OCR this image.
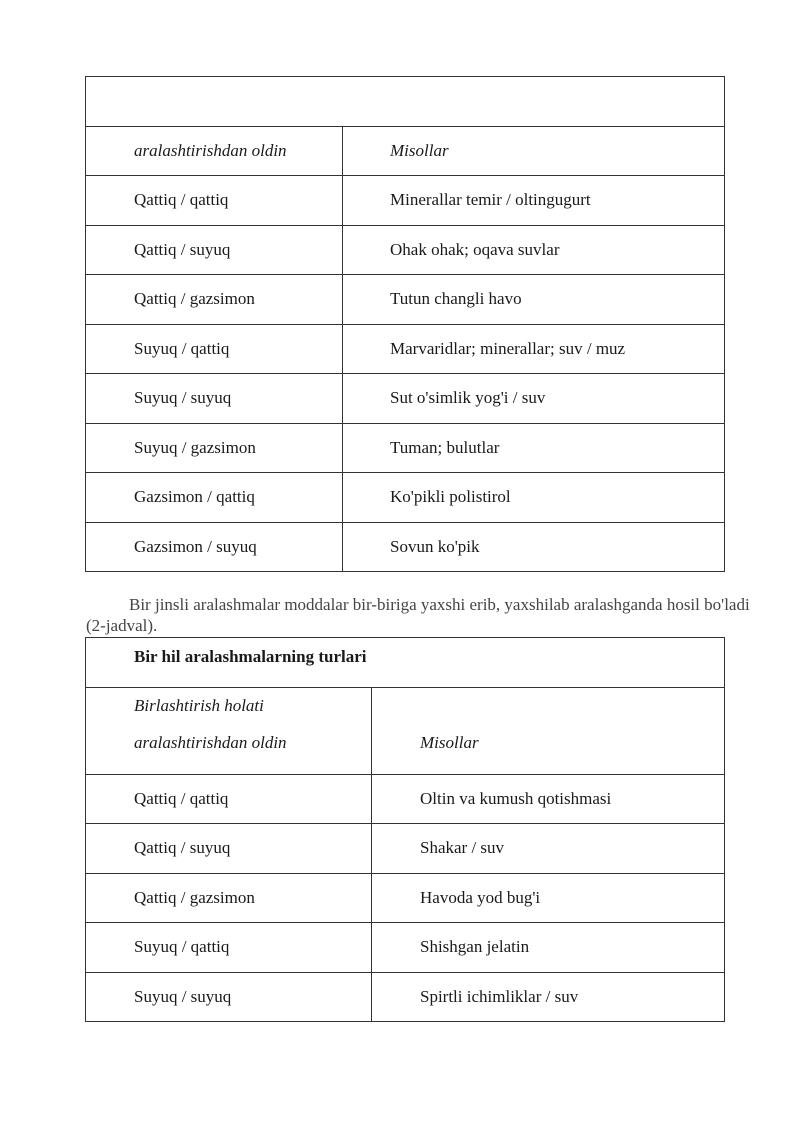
aralashtirishdan oldin	Misollar
Qattiq / qattiq	Minerallar temir / oltingugurt
Qattiq / suyuq	Ohak ohak; oqava suvlar
Qattiq / gazsimon	Tutun changli havo
Suyuq / qattiq	Marvaridlar; minerallar; suv / muz
Suyuq / suyuq	Sut o'simlik yog'i / suv
Suyuq / gazsimon	Tuman; bulutlar
Gazsimon / qattiq	Ko'pikli polistirol
Gazsimon / suyuq	Sovun ko'pik

Bir jinsli aralashmalar moddalar bir-biriga yaxshi erib, yaxshilab aralashganda hosil bo'ladi (2-jadval).

Bir hil aralashmalarning turlari	

Birlashtirish holati
aralashtirishdan oldin	Misollar
Qattiq / qattiq	Oltin va kumush qotishmasi
Qattiq / suyuq	Shakar / suv
Qattiq / gazsimon	Havoda yod bug'i
Suyuq / qattiq	Shishgan jelatin
Suyuq / suyuq	Spirtli ichimliklar / suv
